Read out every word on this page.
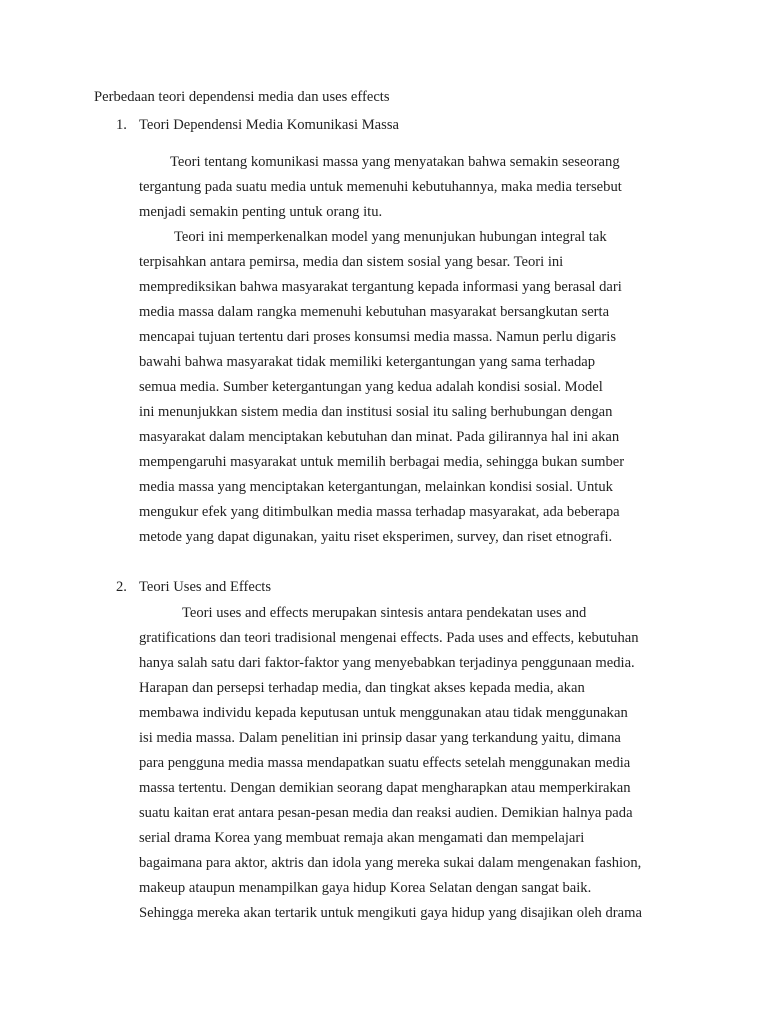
Perbedaan teori dependensi media dan uses effects
1. Teori Dependensi Media Komunikasi Massa
Teori tentang komunikasi massa yang menyatakan bahwa semakin seseorang
tergantung pada suatu media untuk memenuhi kebutuhannya, maka media tersebut
menjadi semakin penting untuk orang itu.
Teori ini memperkenalkan model yang menunjukan hubungan integral tak
terpisahkan antara pemirsa, media dan sistem sosial yang besar. Teori ini
memprediksikan bahwa masyarakat tergantung kepada informasi yang berasal dari
media massa dalam rangka memenuhi kebutuhan masyarakat bersangkutan serta
mencapai tujuan tertentu dari proses konsumsi media massa. Namun perlu digaris
bawahi bahwa masyarakat tidak memiliki ketergantungan yang sama terhadap
semua media. Sumber ketergantungan yang kedua adalah kondisi sosial. Model
ini menunjukkan sistem media dan institusi sosial itu saling berhubungan dengan
masyarakat dalam menciptakan kebutuhan dan minat. Pada gilirannya hal ini akan
mempengaruhi masyarakat untuk memilih berbagai media, sehingga bukan sumber
media massa yang menciptakan ketergantungan, melainkan kondisi sosial. Untuk
mengukur efek yang ditimbulkan media massa terhadap masyarakat, ada beberapa
metode yang dapat digunakan, yaitu riset eksperimen, survey, dan riset etnografi.
2. Teori Uses and Effects
Teori uses and effects merupakan sintesis antara pendekatan uses and
gratifications dan teori tradisional mengenai effects. Pada uses and effects, kebutuhan
hanya salah satu dari faktor-faktor yang menyebabkan terjadinya penggunaan media.
Harapan dan persepsi terhadap media, dan tingkat akses kepada media, akan
membawa individu kepada keputusan untuk menggunakan atau tidak menggunakan
isi media massa. Dalam penelitian ini prinsip dasar yang terkandung yaitu, dimana
para pengguna media massa mendapatkan suatu effects setelah menggunakan media
massa tertentu. Dengan demikian seorang dapat mengharapkan atau memperkirakan
suatu kaitan erat antara pesan-pesan media dan reaksi audien. Demikian halnya pada
serial drama Korea yang membuat remaja akan mengamati dan mempelajari
bagaimana para aktor, aktris dan idola yang mereka sukai dalam mengenakan fashion,
makeup ataupun menampilkan gaya hidup Korea Selatan dengan sangat baik.
Sehingga mereka akan tertarik untuk mengikuti gaya hidup yang disajikan oleh drama
